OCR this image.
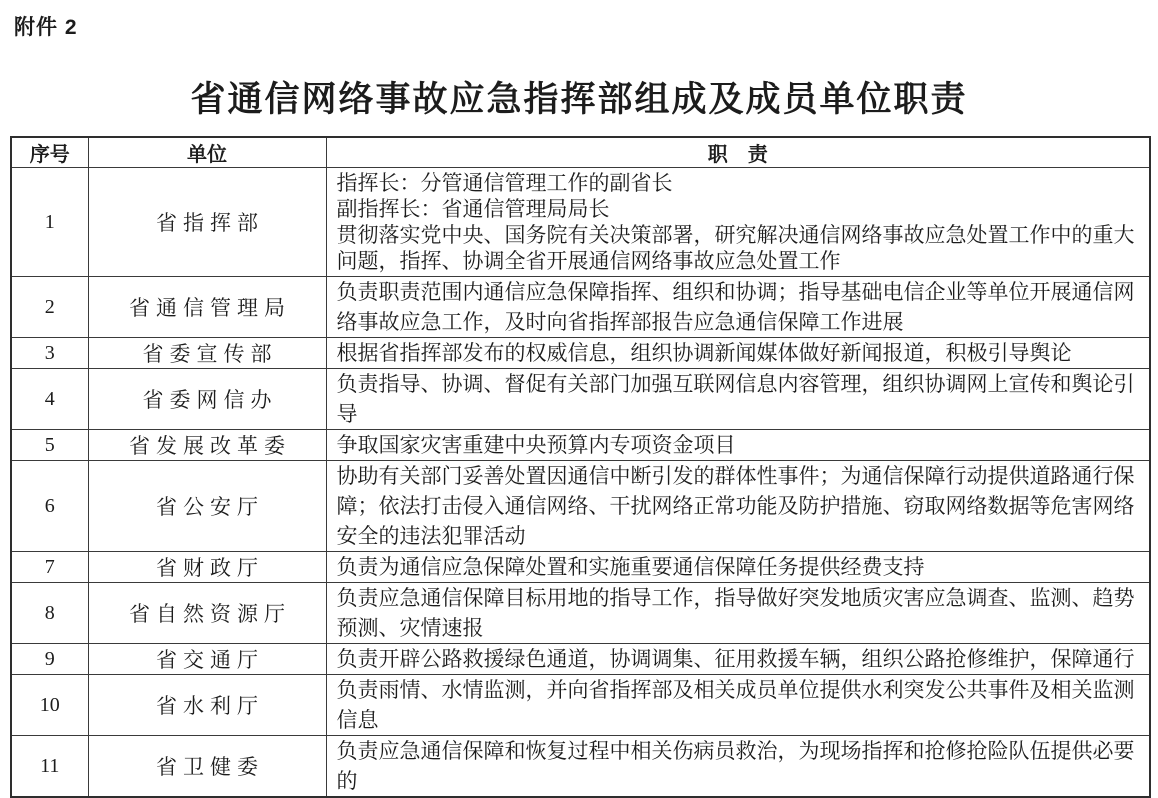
附件 2
省通信网络事故应急指挥部组成及成员单位职责
序号	单位	职　责
1	省指挥部	指挥长：分管通信管理工作的副省长
副指挥长：省通信管理局局长
贯彻落实党中央、国务院有关决策部署，研究解决通信网络事故应急处置工作中的重大问题，指挥、协调全省开展通信网络事故应急处置工作

2	省通信管理局	负责职责范围内通信应急保障指挥、组织和协调；指导基础电信企业等单位开展通信网络事故应急工作，及时向省指挥部报告应急通信保障工作进展

3	省委宣传部	根据省指挥部发布的权威信息，组织协调新闻媒体做好新闻报道，积极引导舆论

4	省委网信办	负责指导、协调、督促有关部门加强互联网信息内容管理，组织协调网上宣传和舆论引导

5	省发展改革委	争取国家灾害重建中央预算内专项资金项目

6	省公安厅	协助有关部门妥善处置因通信中断引发的群体性事件；为通信保障行动提供道路通行保障；依法打击侵入通信网络、干扰网络正常功能及防护措施、窃取网络数据等危害网络安全的违法犯罪活动

7	省财政厅	负责为通信应急保障处置和实施重要通信保障任务提供经费支持

8	省自然资源厅	负责应急通信保障目标用地的指导工作，指导做好突发地质灾害应急调查、监测、趋势预测、灾情速报

9	省交通厅	负责开辟公路救援绿色通道，协调调集、征用救援车辆，组织公路抢修维护，保障通行

10	省水利厅	负责雨情、水情监测，并向省指挥部及相关成员单位提供水利突发公共事件及相关监测信息

11	省卫健委	负责应急通信保障和恢复过程中相关伤病员救治，为现场指挥和抢修抢险队伍提供必要的
